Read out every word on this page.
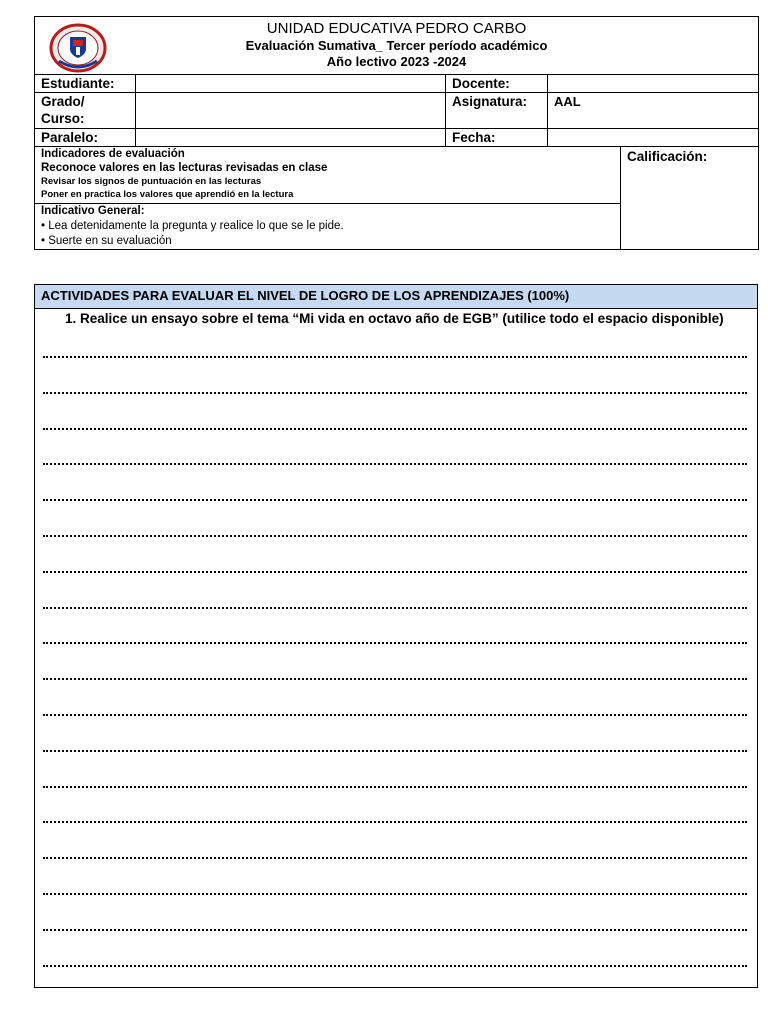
UNIDAD EDUCATIVA PEDRO CARBO
Evaluación Sumativa_ Tercer período académico
Año lectivo 2023 -2024				

Estudiante:		Docente:		

Grado/
Curso:		Asignatura:	AAL	
Paralelo:		Fecha:		

Indicadores de evaluación
Reconoce valores en las lecturas revisadas en clase
Revisar los signos de puntuación en las lecturas
Poner en practica los valores que aprendió en la lectura				Calificación:

Indicativo General:
• Lea detenidamente la pregunta y realice lo que se le pide.
• Suerte en su evaluación				
ACTIVIDADES PARA EVALUAR EL NIVEL DE LOGRO DE LOS APRENDIZAJES (100%)
1. Realice un ensayo sobre el tema “Mi vida en octavo año de EGB” (utilice todo el espacio disponible)
